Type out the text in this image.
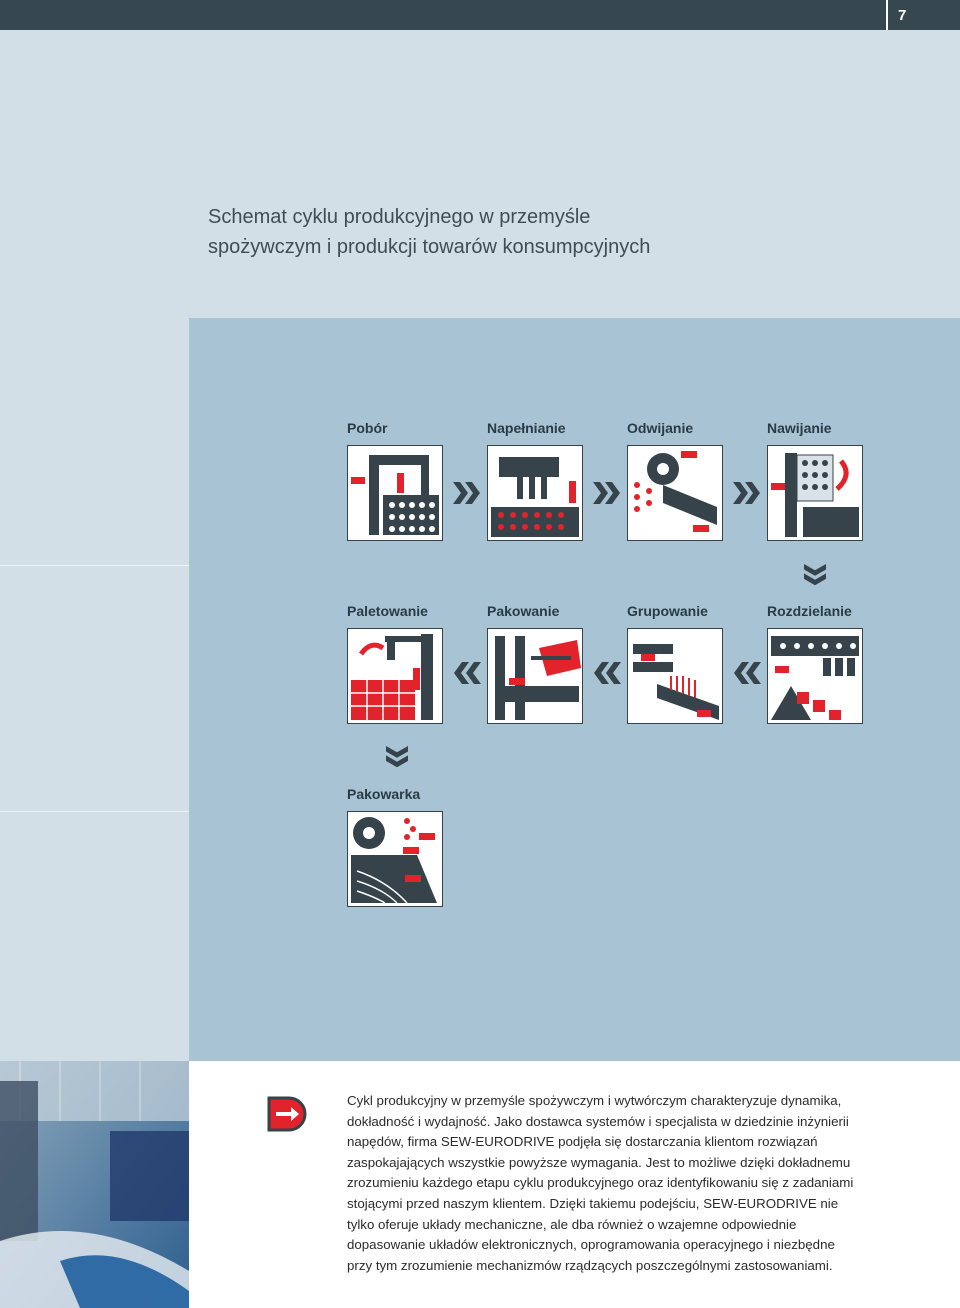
7
Schemat cyklu produkcyjnego w przemyśle
spożywczym i produkcji towarów konsumpcyjnych
Pobór	Napełnianie	Odwijanie	Nawijanie
Paletowanie	Pakowanie	Grupowanie	Rozdzielanie
Pakowarka

Cykl produkcyjny w przemyśle spożywczym i wytwórczym charakteryzuje dynamika, dokładność i wydajność. Jako dostawca systemów i specjalista w dziedzinie inżynierii napędów, firma SEW-EURODRIVE podjęła się dostarczania klientom rozwiązań zaspokajających wszystkie powyższe wymagania. Jest to możliwe dzięki dokładnemu zrozumieniu każdego etapu cyklu produkcyjnego oraz identyfikowaniu się z zadaniami stojącymi przed naszym klientem. Dzięki takiemu podejściu, SEW-EURODRIVE nie tylko oferuje układy mechaniczne, ale dba również o wzajemne odpowiednie dopasowanie układów elektronicznych, oprogramowania operacyjnego i niezbędne przy tym zrozumienie mechanizmów rządzących poszczególnymi zastosowaniami.
